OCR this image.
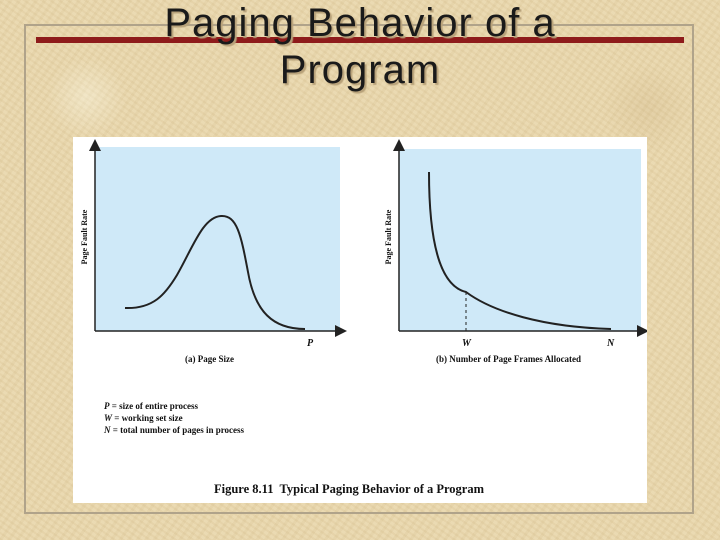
Paging Behavior of a
Program
P
(a) Page Size
Page Fault Rate
W	N
(b) Number of Page Frames Allocated
Page Fault Rate
P = size of entire process
W = working set size
N = total number of pages in process
Figure 8.11  Typical Paging Behavior of a Program
